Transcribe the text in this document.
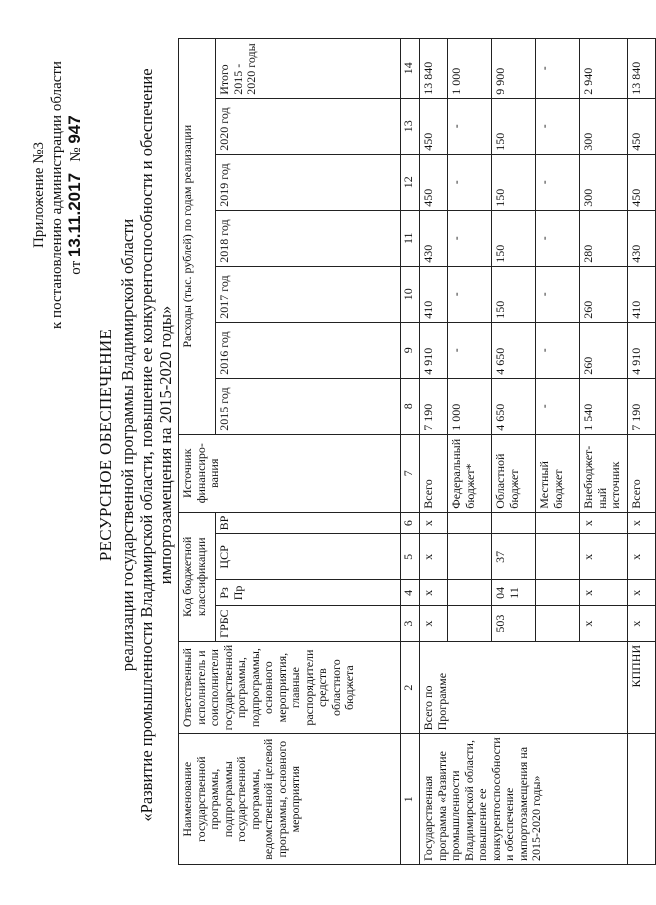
Приложение №3 к постановлению администрации области от 13.11.2017   № 947
РЕСУРСНОЕ ОБЕСПЕЧЕНИЕ реализации государственной программы Владимирской области «Развитие промышленности Владимирской области, повышение ее конкурентоспособности и обеспечение импортозамещения на 2015-2020 годы»
Наименование государственной программы, подпрограммы государственной программы, ведомственной целевой программы, основного мероприятия	Ответственный исполнитель и соисполнители государственной программы, подпрограммы, основного мероприятия, главные распорядители средств областного бюджета	Код бюджетной классификации				Источник финансиро-вания	Расходы (тыс. рублей) по годам реализации						
		ГРБС	Рз Пр	ЦСР	ВР		2015 год	2016 год	2017 год	2018 год	2019 год	2020 год	Итого 2015 - 2020 годы
1	2	3	4	5	6	7	8	9	10	11	12	13	14
Государственная программа «Развитие промышленности Владимирской области, повышение ее конкурентоспособности и обеспечение импортозамещения на 2015-2020 годы»	Всего по Программе	х	х	х	х	Всего	7 190	4 910	410	430	450	450	13 840
						Федеральный бюджет*	1 000	-	-	-	-	-	1 000
		503	04 11	37		Областной бюджет	4 650	4 650	150	150	150	150	9 900
						Местный бюджет	-	-	-	-	-	-	-
		х	х	х	х	Внебюджет-ный источник	1 540	260	260	280	300	300	2 940
	КППНИ	х	х	х	х	Всего	7 190	4 910	410	430	450	450	13 840
